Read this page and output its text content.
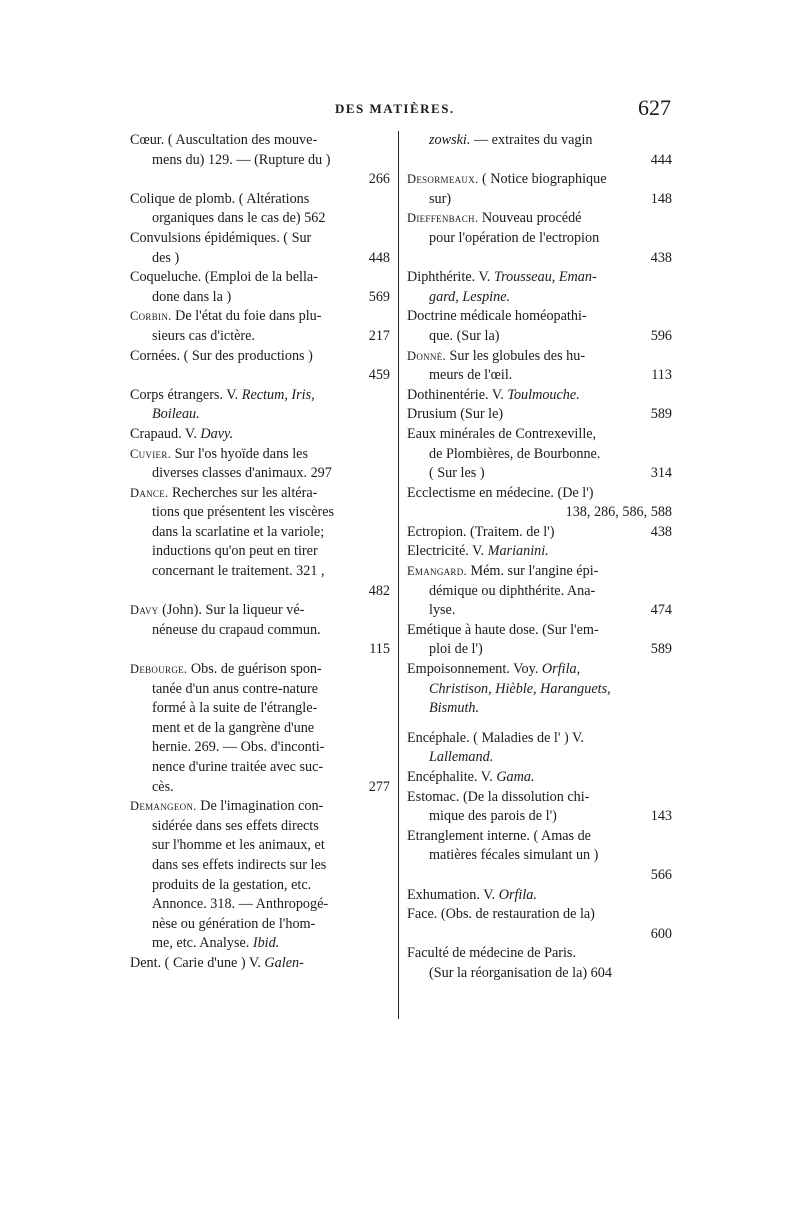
DES MATIÈRES.	627
Cœur. ( Auscultation des mouve-
mens du) 129. — (Rupture du )
266
Colique de plomb. ( Altérations
organiques dans le cas de) 562
Convulsions épidémiques. ( Sur
des )	448
Coqueluche. (Emploi de la bella-
done dans la )	569
Corbin. De l'état du foie dans plu-
sieurs cas d'ictère.	217
Cornées. ( Sur des productions )
459
Corps étrangers. V. Rectum, Iris,
Boileau.
Crapaud. V. Davy.
Cuvier. Sur l'os hyoïde dans les
diverses classes d'animaux. 297
Dance. Recherches sur les altéra-
tions que présentent les viscères
dans la scarlatine et la variole;
inductions qu'on peut en tirer
concernant le traitement. 321 ,
482
Davy (John). Sur la liqueur vé-
néneuse du crapaud commun.
115
Debourge. Obs. de guérison spon-
tanée d'un anus contre-nature
formé à la suite de l'étrangle-
ment et de la gangrène d'une
hernie. 269. — Obs. d'inconti-
nence d'urine traitée avec suc-
cès.	277
Demangeon. De l'imagination con-
sidérée dans ses effets directs
sur l'homme et les animaux, et
dans ses effets indirects sur les
produits de la gestation, etc.
Annonce. 318. — Anthropogé-
nèse ou génération de l'hom-
me, etc. Analyse. Ibid.
Dent. ( Carie d'une ) V. Galen-
zowski. — extraites du vagin
444
Desormeaux. ( Notice biographique
sur)	148
Dieffenbach. Nouveau procédé
pour l'opération de l'ectropion
438
Diphthérite. V. Trousseau, Eman-
gard, Lespine.
Doctrine médicale homéopathi-
que. (Sur la)	596
Donné. Sur les globules des hu-
meurs de l'œil.	113
Dothinentérie. V. Toulmouche.
Drusium (Sur le)	589
Eaux minérales de Contrexeville,
de Plombières, de Bourbonne.
( Sur les )	314
Ecclectisme en médecine. (De l')
138, 286, 586, 588
Ectropion. (Traitem. de l')	438
Electricité. V. Marianini.
Emangard. Mém. sur l'angine épi-
démique ou diphthérite. Ana-
lyse.	474
Emétique à haute dose. (Sur l'em-
ploi de l')	589
Empoisonnement. Voy. Orfila,
Christison, Hièble, Haranguets,
Bismuth.
Encéphale. ( Maladies de l' ) V.
Lallemand.
Encéphalite. V. Gama.
Estomac. (De la dissolution chi-
mique des parois de l')	143
Etranglement interne. ( Amas de
matières fécales simulant un )
566
Exhumation. V. Orfila.
Face. (Obs. de restauration de la)
600
Faculté de médecine de Paris.
(Sur la réorganisation de la) 604
